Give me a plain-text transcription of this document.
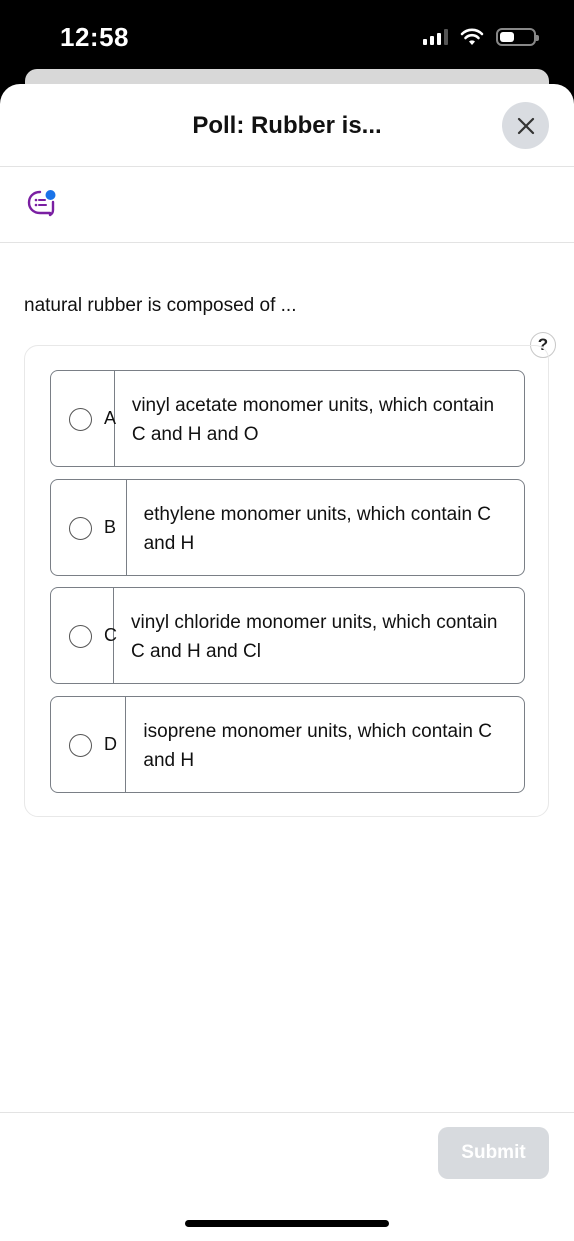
12:58
Poll: Rubber is...
natural rubber is composed of ...
?
A
vinyl acetate monomer units, which contain C and H and O
B
ethylene monomer units, which contain C and H
C
vinyl chloride monomer units, which contain C and H and Cl
D
isoprene monomer units, which contain C and H
Submit
